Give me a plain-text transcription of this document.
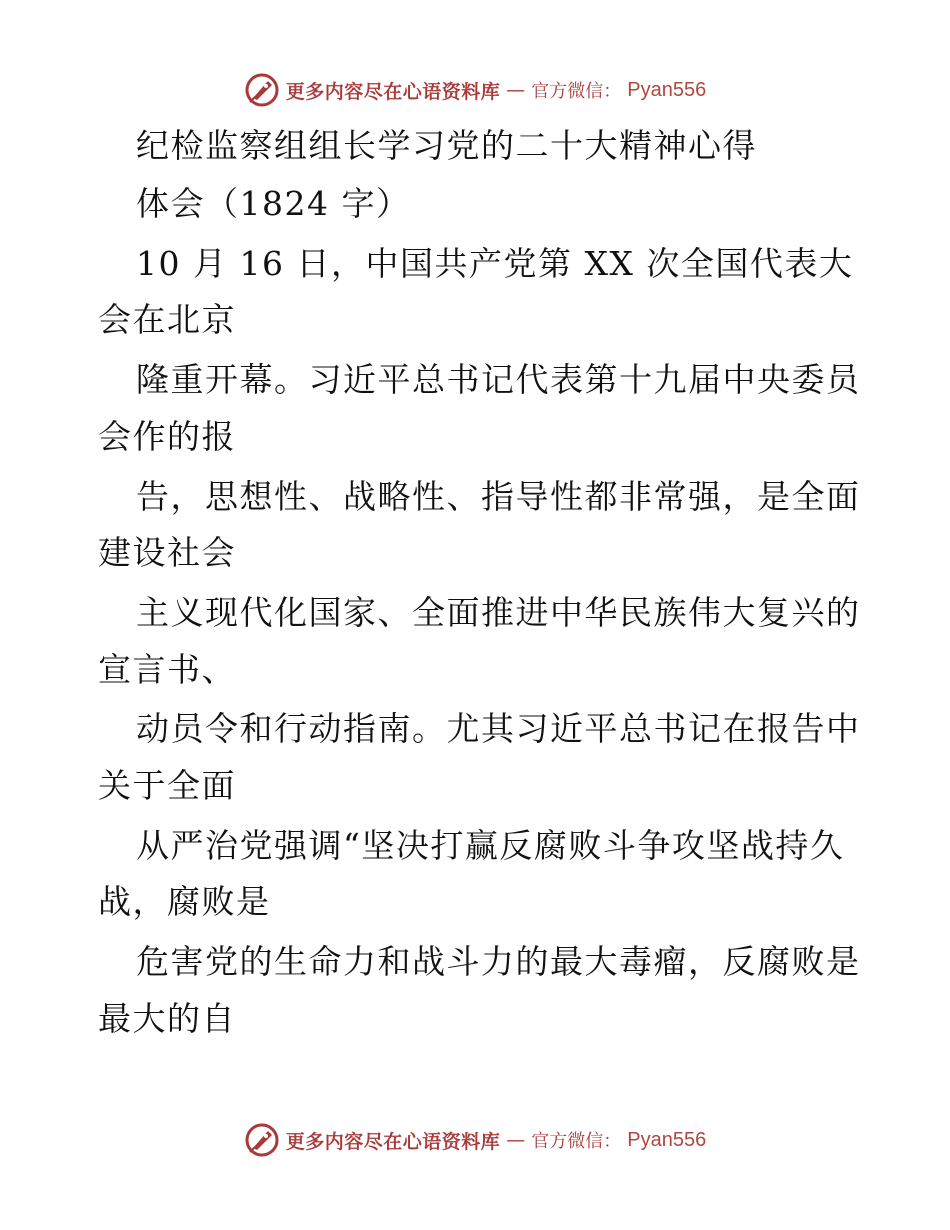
更多内容尽在心语资料库 — 官方微信： Pyan556
纪检监察组组长学习党的二十大精神心得
体会（1824 字）
10 月 16 日，中国共产党第 XX 次全国代表大
会在北京
隆重开幕。习近平总书记代表第十九届中央委员
会作的报
告，思想性、战略性、指导性都非常强，是全面
建设社会
主义现代化国家、全面推进中华民族伟大复兴的
宣言书、
动员令和行动指南。尤其习近平总书记在报告中
关于全面
从严治党强调“坚决打赢反腐败斗争攻坚战持久
战，腐败是
危害党的生命力和战斗力的最大毒瘤，反腐败是
最大的自
更多内容尽在心语资料库 — 官方微信： Pyan556
